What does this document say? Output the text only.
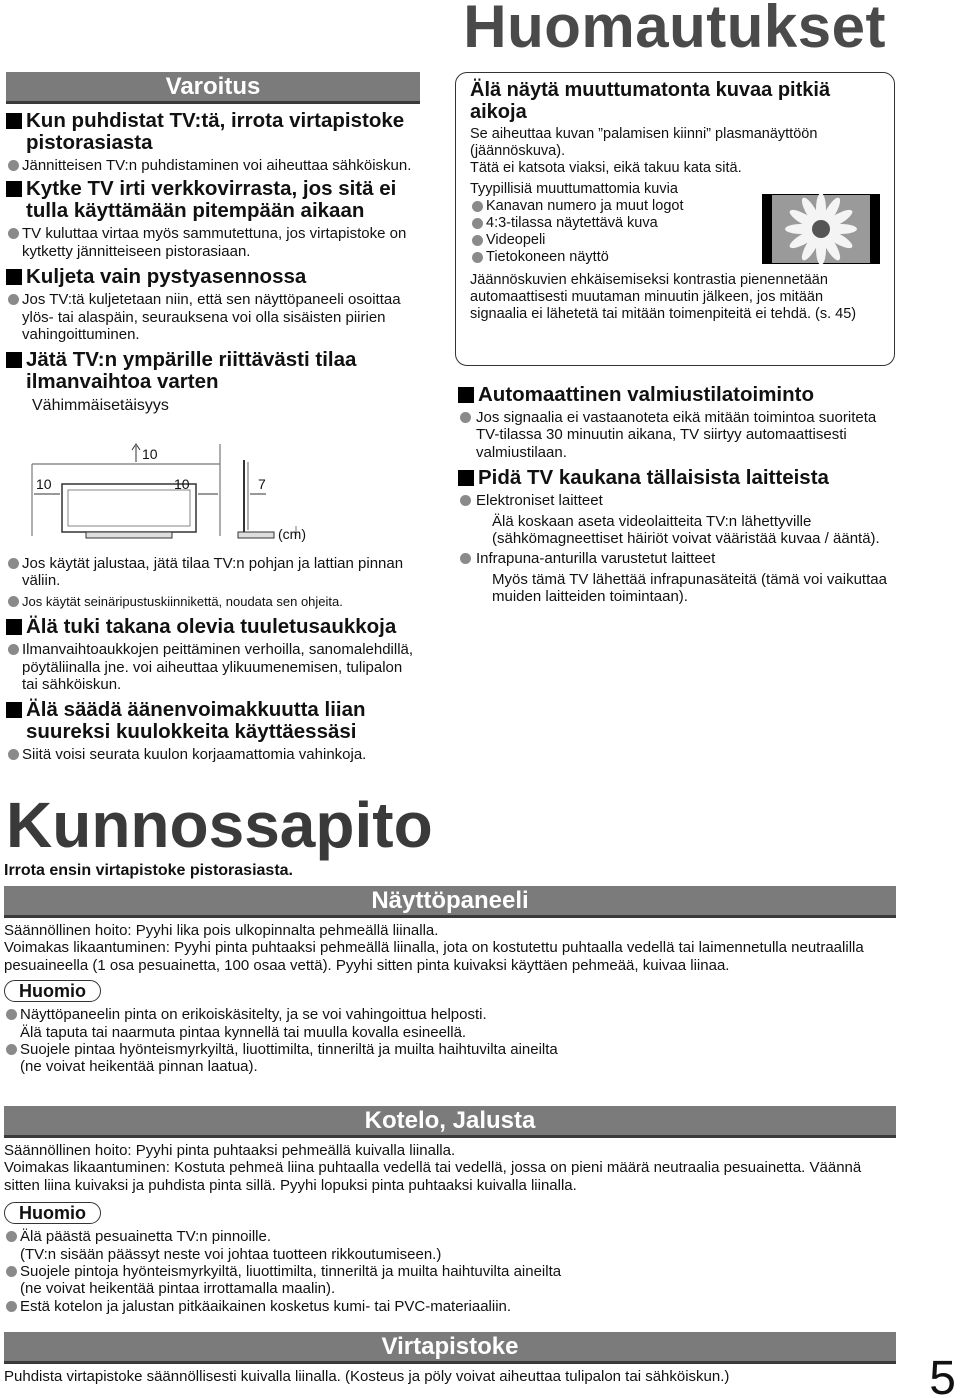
Huomautukset
Varoitus
Kun puhdistat TV:tä, irrota virtapistoke pistorasiasta
Jännitteisen TV:n puhdistaminen voi aiheuttaa sähköiskun.
Kytke TV irti verkkovirrasta, jos sitä ei tulla käyttämään pitempään aikaan
TV kuluttaa virtaa myös sammutettuna, jos virtapistoke on kytketty jännitteiseen pistorasiaan.
Kuljeta vain pystyasennossa
Jos TV:tä kuljetetaan niin, että sen näyttöpaneeli osoittaa ylös- tai alaspäin, seurauksena voi olla sisäisten piirien vahingoittuminen.
Jätä TV:n ympärille riittävästi tilaa ilmanvaihtoa varten
Vähimmäisetäisyys
10
10	10	7
(cm)
Jos käytät jalustaa, jätä tilaa TV:n pohjan ja lattian pinnan väliin.
Jos käytät seinäripustuskiinnikettä, noudata sen ohjeita.
Älä tuki takana olevia tuuletusaukkoja
Ilmanvaihtoaukkojen peittäminen verhoilla, sanomalehdillä, pöytäliinalla jne. voi aiheuttaa ylikuumenemisen, tulipalon tai sähköiskun.
Älä säädä äänenvoimakkuutta liian suureksi kuulokkeita käyttäessäsi
Siitä voisi seurata kuulon korjaamattomia vahinkoja.
Älä näytä muuttumatonta kuvaa pitkiä aikoja
Se aiheuttaa kuvan ”palamisen kiinni” plasmanäyttöön (jäännöskuva).
Tätä ei katsota viaksi, eikä takuu kata sitä.
Tyypillisiä muuttumattomia kuvia
Kanavan numero ja muut logot
4:3-tilassa näytettävä kuva
Videopeli
Tietokoneen näyttö
Jäännöskuvien ehkäisemiseksi kontrastia pienennetään automaattisesti muutaman minuutin jälkeen, jos mitään signaalia ei lähetetä tai mitään toimenpiteitä ei tehdä. (s. 45)
Automaattinen valmiustilatoiminto
Jos signaalia ei vastaanoteta eikä mitään toimintoa suoriteta TV-tilassa 30 minuutin aikana, TV siirtyy automaattisesti valmiustilaan.
Pidä TV kaukana tällaisista laitteista
Elektroniset laitteet
Älä koskaan aseta videolaitteita TV:n lähettyville (sähkömagneettiset häiriöt voivat vääristää kuvaa / ääntä).
Infrapuna-anturilla varustetut laitteet
Myös tämä TV lähettää infrapunasäteitä (tämä voi vaikuttaa muiden laitteiden toimintaan).
Kunnossapito
Irrota ensin virtapistoke pistorasiasta.
Näyttöpaneeli
Säännöllinen hoito: Pyyhi lika pois ulkopinnalta pehmeällä liinalla.
Voimakas likaantuminen: Pyyhi pinta puhtaaksi pehmeällä liinalla, jota on kostutettu puhtaalla vedellä tai laimennetulla neutraalilla pesuaineella (1 osa pesuainetta, 100 osaa vettä). Pyyhi sitten pinta kuivaksi käyttäen pehmeää, kuivaa liinaa.
Huomio
Näyttöpaneelin pinta on erikoiskäsitelty, ja se voi vahingoittua helposti.
Älä taputa tai naarmuta pintaa kynnellä tai muulla kovalla esineellä.
Suojele pintaa hyönteismyrkyiltä, liuottimilta, tinneriltä ja muilta haihtuvilta aineilta
(ne voivat heikentää pinnan laatua).
Kotelo, Jalusta
Säännöllinen hoito: Pyyhi pinta puhtaaksi pehmeällä kuivalla liinalla.
Voimakas likaantuminen: Kostuta pehmeä liina puhtaalla vedellä tai vedellä, jossa on pieni määrä neutraalia pesuainetta. Väännä sitten liina kuivaksi ja puhdista pinta sillä. Pyyhi lopuksi pinta puhtaaksi kuivalla liinalla.
Huomio
Älä päästä pesuainetta TV:n pinnoille.
(TV:n sisään päässyt neste voi johtaa tuotteen rikkoutumiseen.)
Suojele pintoja hyönteismyrkyiltä, liuottimilta, tinneriltä ja muilta haihtuvilta aineilta
(ne voivat heikentää pintaa irrottamalla maalin).
Estä kotelon ja jalustan pitkäaikainen kosketus kumi- tai PVC-materiaaliin.
Virtapistoke
Puhdista virtapistoke säännöllisesti kuivalla liinalla. (Kosteus ja pöly voivat aiheuttaa tulipalon tai sähköiskun.)	5
